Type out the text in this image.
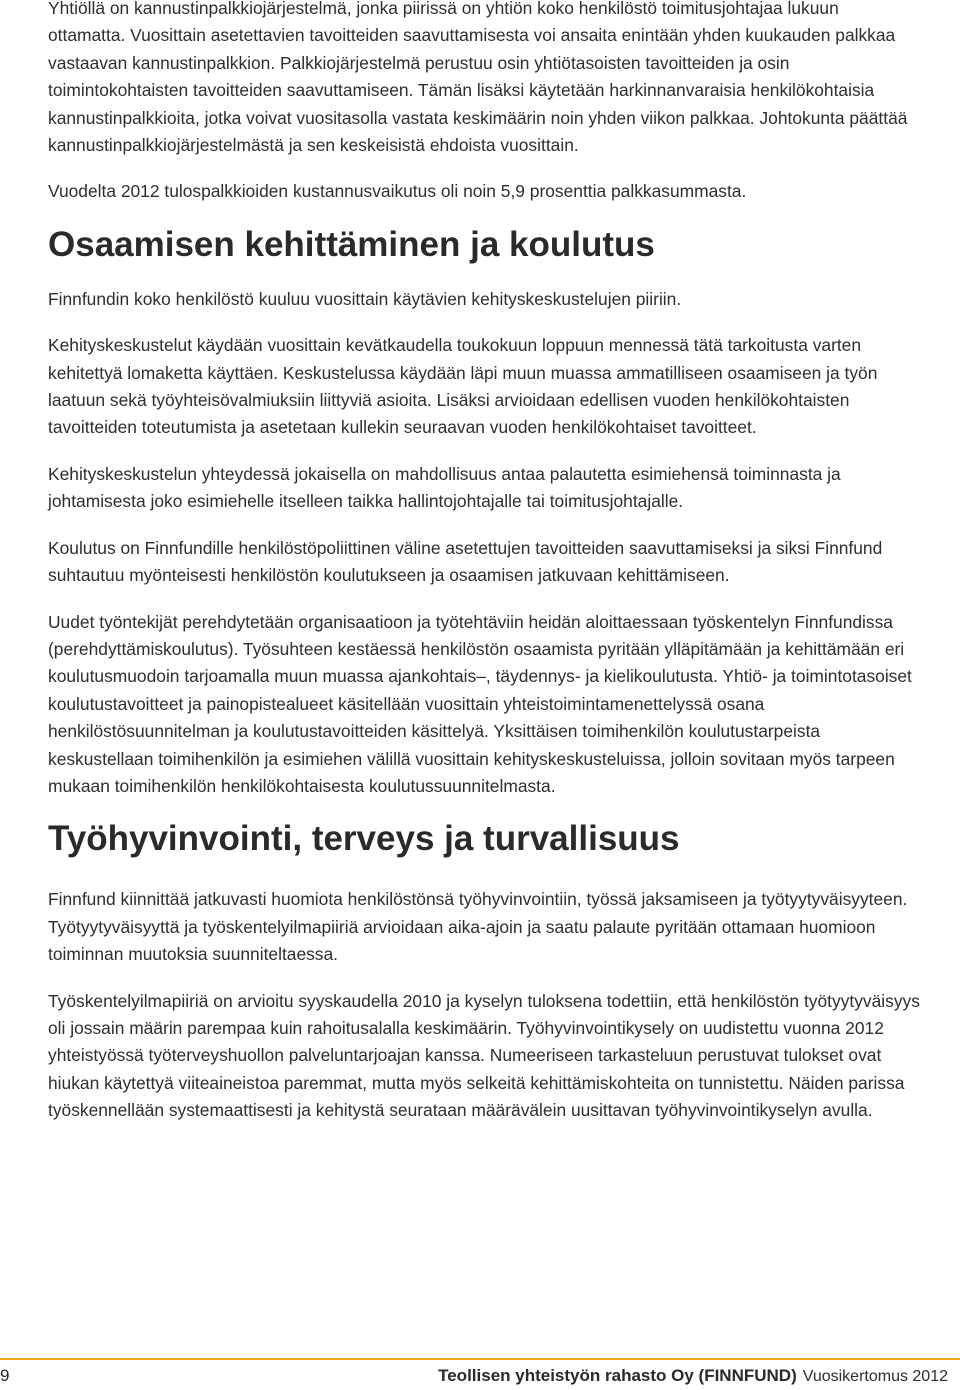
Yhtiöllä on kannustinpalkkiojärjestelmä, jonka piirissä on yhtiön koko henkilöstö toimitusjohtajaa lukuun ottamatta. Vuosittain asetettavien tavoitteiden saavuttamisesta voi ansaita enintään yhden kuukauden palkkaa vastaavan kannustinpalkkion. Palkkiojärjestelmä perustuu osin yhtiötasoisten tavoitteiden ja osin toimintokohtaisten tavoitteiden saavuttamiseen. Tämän lisäksi käytetään harkinnanvaraisia henkilökohtaisia kannustinpalkkioita, jotka voivat vuositasolla vastata keskimäärin noin yhden viikon palkkaa. Johtokunta päättää kannustinpalkkiojärjestelmästä ja sen keskeisistä ehdoista vuosittain.

Vuodelta 2012 tulospalkkioiden kustannusvaikutus oli noin 5,9 prosenttia palkkasummasta.

Osaamisen kehittäminen ja koulutus

Finnfundin koko henkilöstö kuuluu vuosittain käytävien kehityskeskustelujen piiriin.

Kehityskeskustelut käydään vuosittain kevätkaudella toukokuun loppuun mennessä tätä tarkoitusta varten kehitettyä lomaketta käyttäen. Keskustelussa käydään läpi muun muassa ammatilliseen osaamiseen ja työn laatuun sekä työyhteisövalmiuksiin liittyviä asioita. Lisäksi arvioidaan edellisen vuoden henkilökohtaisten tavoitteiden toteutumista ja asetetaan kullekin seuraavan vuoden henkilökohtaiset tavoitteet.

Kehityskeskustelun yhteydessä jokaisella on mahdollisuus antaa palautetta esimiehensä toiminnasta ja johtamisesta joko esimiehelle itselleen taikka hallintojohtajalle tai toimitusjohtajalle.

Koulutus on Finnfundille henkilöstöpoliittinen väline asetettujen tavoitteiden saavuttamiseksi ja siksi Finnfund suhtautuu myönteisesti henkilöstön koulutukseen ja osaamisen jatkuvaan kehittämiseen.

Uudet työntekijät perehdytetään organisaatioon ja työtehtäviin heidän aloittaessaan työskentelyn Finnfundissa (perehdyttämiskoulutus). Työsuhteen kestäessä henkilöstön osaamista pyritään ylläpitämään ja kehittämään eri koulutusmuodoin tarjoamalla muun muassa ajankohtais‒, täydennys- ja kielikoulutusta. Yhtiö- ja toimintotasoiset koulutustavoitteet ja painopistealueet käsitellään vuosittain yhteistoimintamenettelyssä osana henkilöstösuunnitelman ja koulutustavoitteiden käsittelyä. Yksittäisen toimihenkilön koulutustarpeista keskustellaan toimihenkilön ja esimiehen välillä vuosittain kehityskeskusteluissa, jolloin sovitaan myös tarpeen mukaan toimihenkilön henkilökohtaisesta koulutussuunnitelmasta.

Työhyvinvointi, terveys ja turvallisuus

Finnfund kiinnittää jatkuvasti huomiota henkilöstönsä työhyvinvointiin, työssä jaksamiseen ja työtyytyväisyyteen. Työtyytyväisyyttä ja työskentelyilmapiiriä arvioidaan aika-ajoin ja saatu palaute pyritään ottamaan huomioon toiminnan muutoksia suunniteltaessa.

Työskentelyilmapiiriä on arvioitu syyskaudella 2010 ja kyselyn tuloksena todettiin, että henkilöstön työtyytyväisyys oli jossain määrin parempaa kuin rahoitusalalla keskimäärin. Työhyvinvointikysely on uudistettu vuonna 2012 yhteistyössä työterveyshuollon palveluntarjoajan kanssa. Numeeriseen tarkasteluun perustuvat tulokset ovat hiukan käytettyä viiteaineistoa paremmat, mutta myös selkeitä kehittämiskohteita on tunnistettu. Näiden parissa työskennellään systemaattisesti ja kehitystä seurataan määrävälein uusittavan työhyvinvointikyselyn avulla.

9	Teollisen yhteistyön rahasto Oy (FINNFUND) Vuosikertomus 2012
